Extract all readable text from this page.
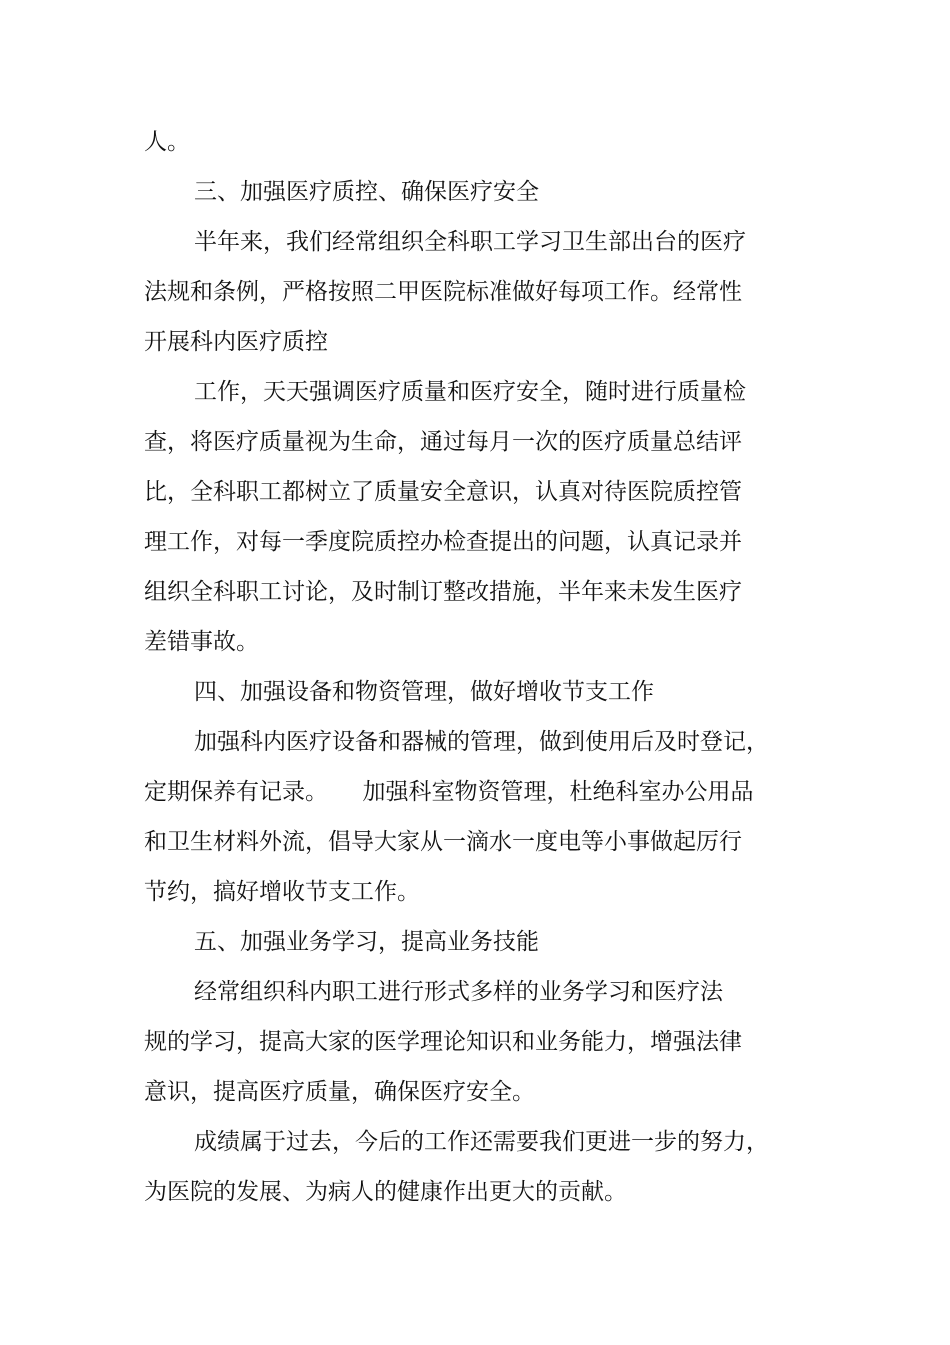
人。

三、加强医疗质控、确保医疗安全

半年来，我们经常组织全科职工学习卫生部出台的医疗

法规和条例，严格按照二甲医院标准做好每项工作。经常性

开展科内医疗质控

工作，天天强调医疗质量和医疗安全，随时进行质量检

查，将医疗质量视为生命，通过每月一次的医疗质量总结评

比，全科职工都树立了质量安全意识，认真对待医院质控管

理工作，对每一季度院质控办检查提出的问题，认真记录并

组织全科职工讨论，及时制订整改措施，半年来未发生医疗

差错事故。

四、加强设备和物资管理，做好增收节支工作

加强科内医疗设备和器械的管理，做到使用后及时登记，

定期保养有记录。　　加强科室物资管理，杜绝科室办公用品

和卫生材料外流，倡导大家从一滴水一度电等小事做起厉行

节约，搞好增收节支工作。

五、加强业务学习，提高业务技能

经常组织科内职工进行形式多样的业务学习和医疗法

规的学习，提高大家的医学理论知识和业务能力，增强法律

意识，提高医疗质量，确保医疗安全。

成绩属于过去，今后的工作还需要我们更进一步的努力，

为医院的发展、为病人的健康作出更大的贡献。
